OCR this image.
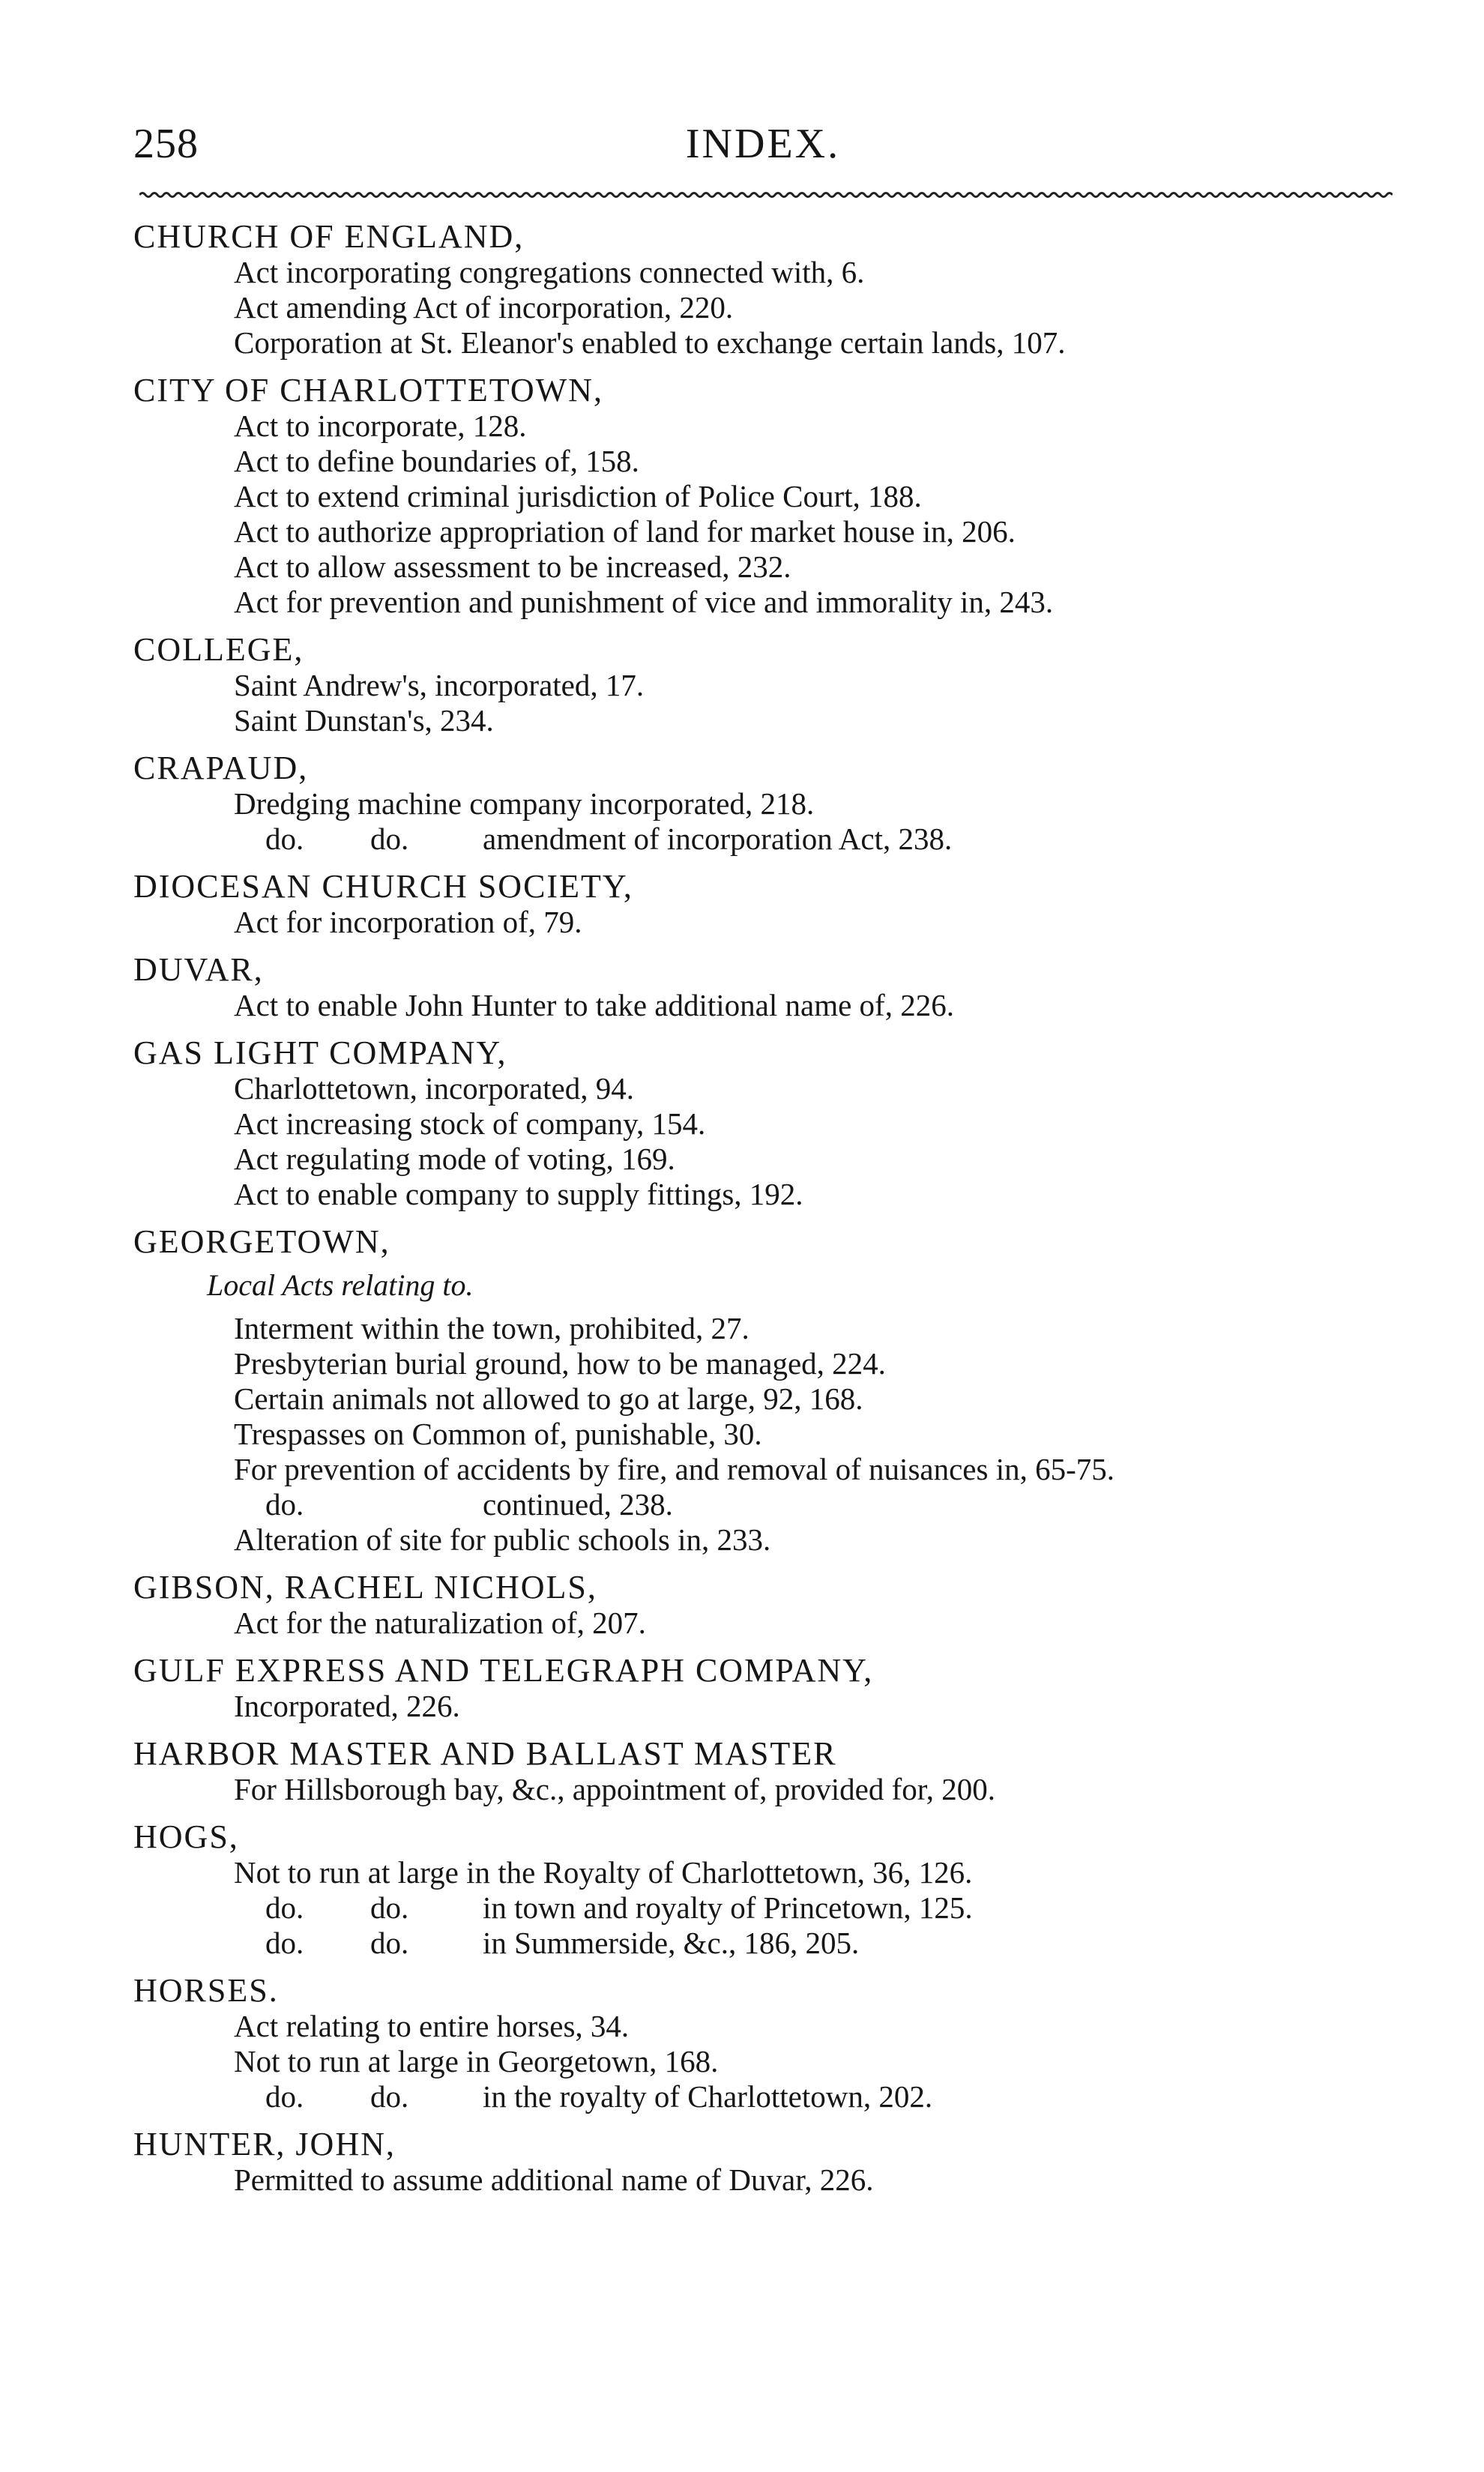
258	INDEX.
CHURCH OF ENGLAND,
Act incorporating congregations connected with, 6.
Act amending Act of incorporation, 220.
Corporation at St. Eleanor's enabled to exchange certain lands, 107.
CITY OF CHARLOTTETOWN,
Act to incorporate, 128.
Act to define boundaries of, 158.
Act to extend criminal jurisdiction of Police Court, 188.
Act to authorize appropriation of land for market house in, 206.
Act to allow assessment to be increased, 232.
Act for prevention and punishment of vice and immorality in, 243.
COLLEGE,
Saint Andrew's, incorporated, 17.
Saint Dunstan's, 234.
CRAPAUD,
Dredging machine company incorporated, 218.
do.	do.	amendment of incorporation Act, 238.
DIOCESAN CHURCH SOCIETY,
Act for incorporation of, 79.
DUVAR,
Act to enable John Hunter to take additional name of, 226.
GAS LIGHT COMPANY,
Charlottetown, incorporated, 94.
Act increasing stock of company, 154.
Act regulating mode of voting, 169.
Act to enable company to supply fittings, 192.
GEORGETOWN,
Local Acts relating to.
Interment within the town, prohibited, 27.
Presbyterian burial ground, how to be managed, 224.
Certain animals not allowed to go at large, 92, 168.
Trespasses on Common of, punishable, 30.
For prevention of accidents by fire, and removal of nuisances in, 65-75.
do.	continued, 238.
Alteration of site for public schools in, 233.
GIBSON, RACHEL NICHOLS,
Act for the naturalization of, 207.
GULF EXPRESS AND TELEGRAPH COMPANY,
Incorporated, 226.
HARBOR MASTER AND BALLAST MASTER
For Hillsborough bay, &c., appointment of, provided for, 200.
HOGS,
Not to run at large in the Royalty of Charlottetown, 36, 126.
do.	do.	in town and royalty of Princetown, 125.
do.	do.	in Summerside, &c., 186, 205.
HORSES.
Act relating to entire horses, 34.
Not to run at large in Georgetown, 168.
do.	do.	in the royalty of Charlottetown, 202.
HUNTER, JOHN,
Permitted to assume additional name of Duvar, 226.
